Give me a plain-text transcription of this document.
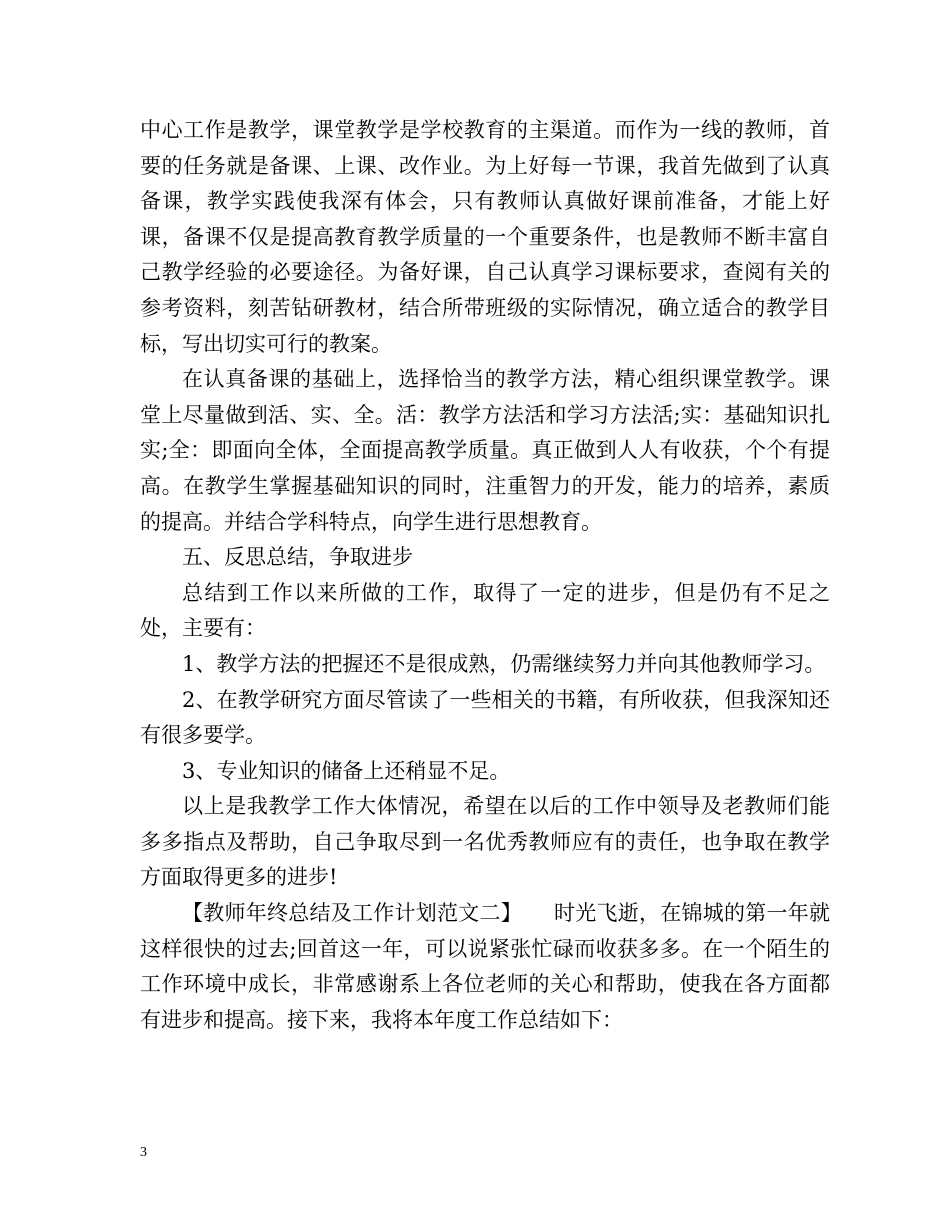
中心工作是教学，课堂教学是学校教育的主渠道。而作为一线的教师，首要的任务就是备课、上课、改作业。为上好每一节课，我首先做到了认真备课，教学实践使我深有体会，只有教师认真做好课前准备，才能上好课，备课不仅是提高教育教学质量的一个重要条件，也是教师不断丰富自己教学经验的必要途径。为备好课，自己认真学习课标要求，查阅有关的参考资料，刻苦钻研教材，结合所带班级的实际情况，确立适合的教学目标，写出切实可行的教案。

在认真备课的基础上，选择恰当的教学方法，精心组织课堂教学。课堂上尽量做到活、实、全。活：教学方法活和学习方法活;实：基础知识扎实;全：即面向全体，全面提高教学质量。真正做到人人有收获，个个有提高。在教学生掌握基础知识的同时，注重智力的开发，能力的培养，素质的提高。并结合学科特点，向学生进行思想教育。

五、反思总结，争取进步

总结到工作以来所做的工作，取得了一定的进步，但是仍有不足之处，主要有：

1、教学方法的把握还不是很成熟，仍需继续努力并向其他教师学习。

2、在教学研究方面尽管读了一些相关的书籍，有所收获，但我深知还有很多要学。

3、专业知识的储备上还稍显不足。

以上是我教学工作大体情况，希望在以后的工作中领导及老教师们能多多指点及帮助，自己争取尽到一名优秀教师应有的责任，也争取在教学方面取得更多的进步!

【教师年终总结及工作计划范文二】　　时光飞逝，在锦城的第一年就这样很快的过去;回首这一年，可以说紧张忙碌而收获多多。在一个陌生的工作环境中成长，非常感谢系上各位老师的关心和帮助，使我在各方面都有进步和提高。接下来，我将本年度工作总结如下：

3
